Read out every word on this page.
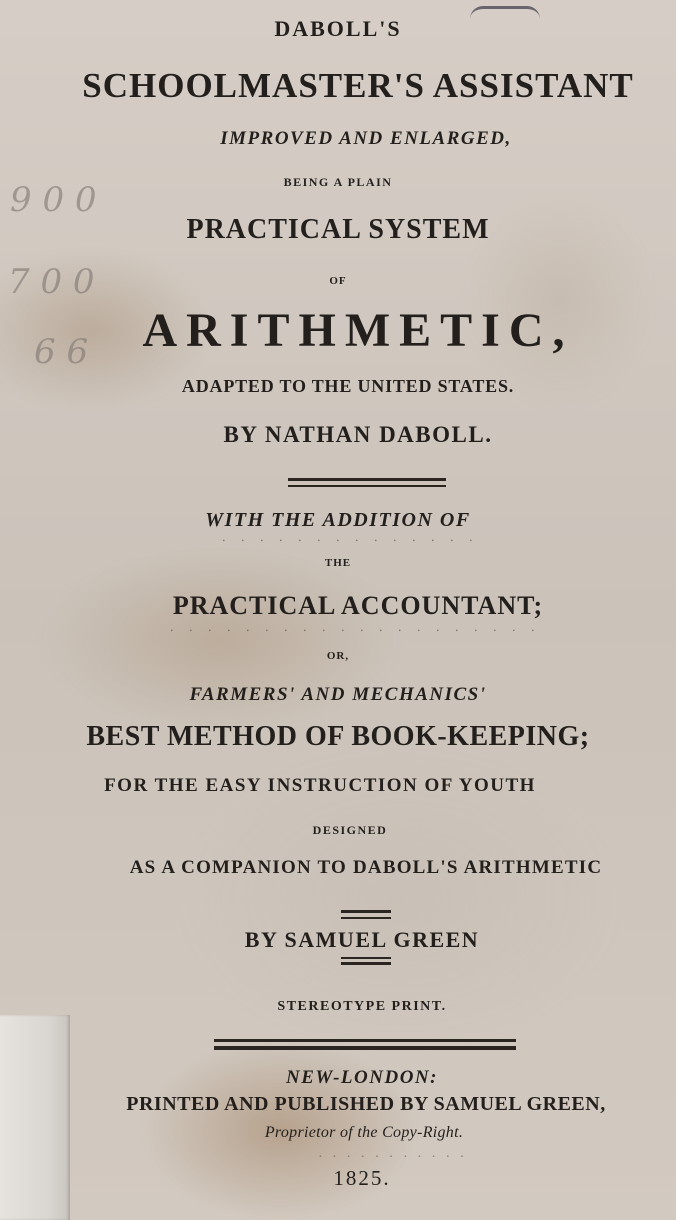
9 0 0
7 0 0
6 6
DABOLL'S
SCHOOLMASTER'S ASSISTANT
IMPROVED AND ENLARGED,
BEING A PLAIN
PRACTICAL SYSTEM
OF
ARITHMETIC,
ADAPTED TO THE UNITED STATES.
BY NATHAN DABOLL.
WITH THE ADDITION OF
∙ ∙ ∙ ∙ ∙ ∙ ∙ ∙ ∙ ∙ ∙ ∙ ∙ ∙
THE
PRACTICAL ACCOUNTANT;
∙ ∙ ∙ ∙ ∙ ∙ ∙ ∙ ∙ ∙ ∙ ∙ ∙ ∙ ∙ ∙ ∙ ∙ ∙ ∙
OR,
FARMERS' AND MECHANICS'
BEST METHOD OF BOOK-KEEPING;
FOR THE EASY INSTRUCTION OF YOUTH
DESIGNED
AS A COMPANION TO DABOLL'S ARITHMETIC
BY SAMUEL GREEN
STEREOTYPE PRINT.
NEW-LONDON:
PRINTED AND PUBLISHED BY SAMUEL GREEN,
Proprietor of the Copy-Right.
· · · · · · · · · · ·
1825.
